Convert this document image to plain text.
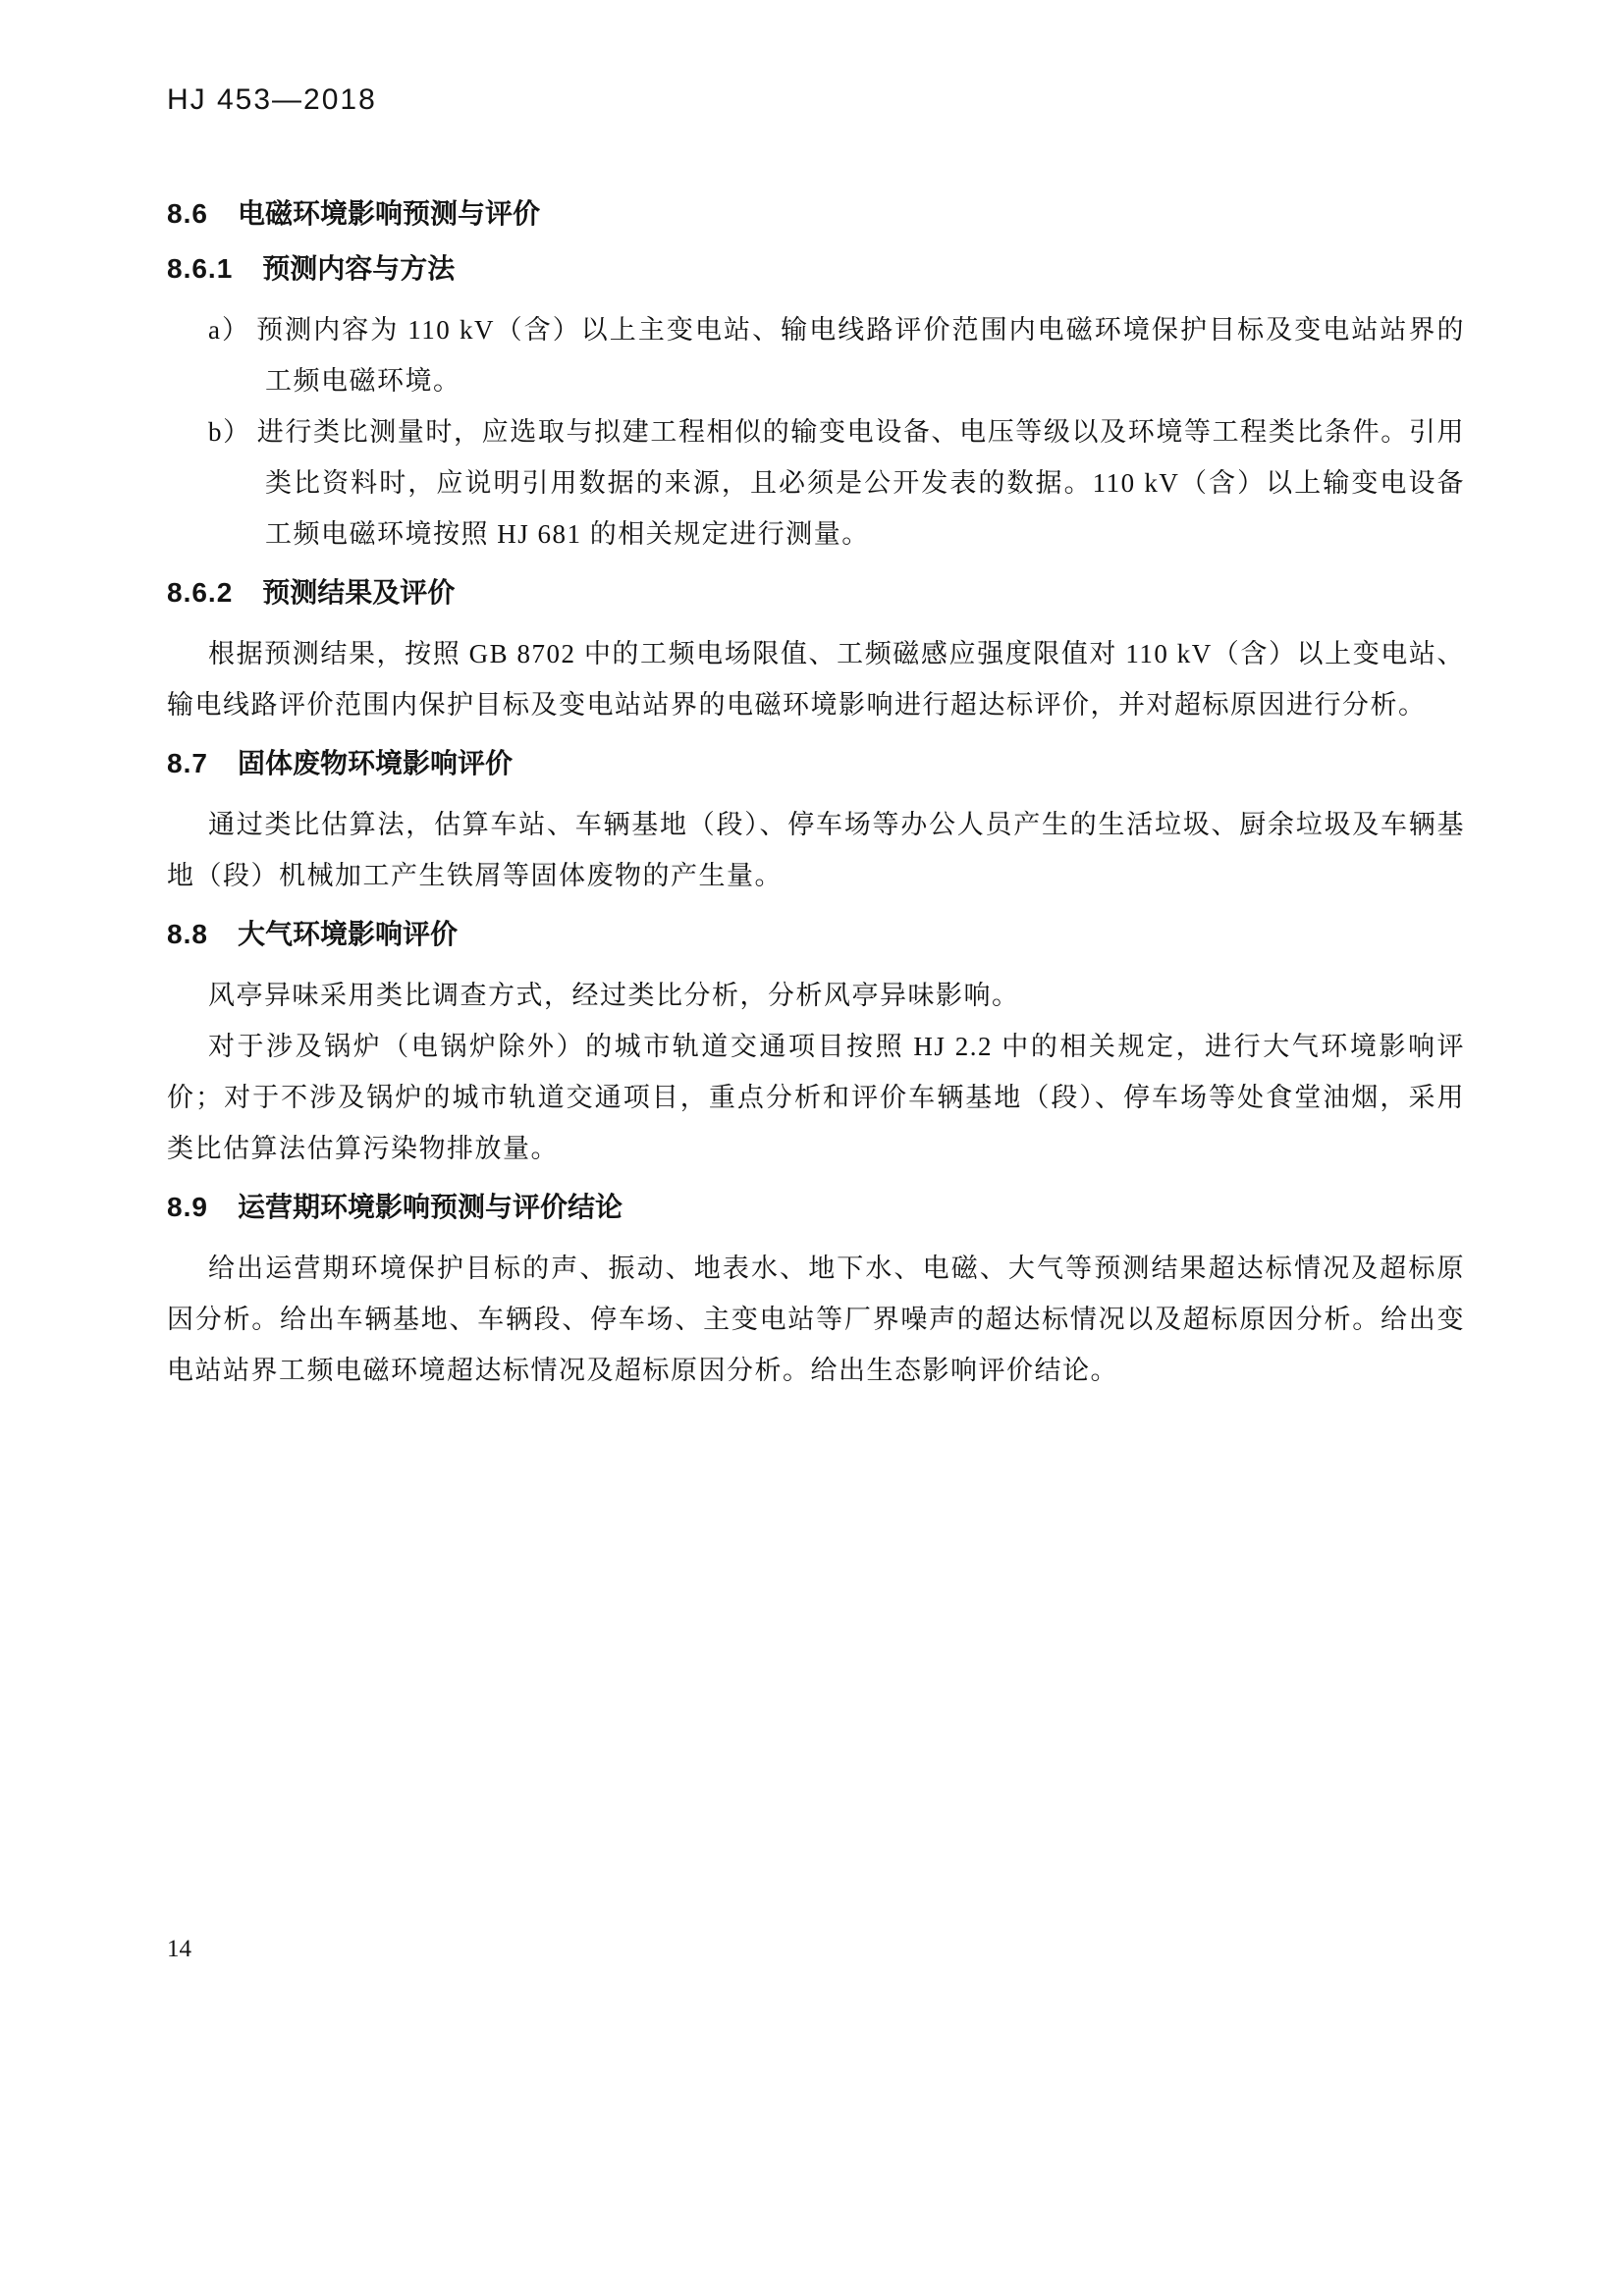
HJ 453—2018
8.6 电磁环境影响预测与评价
8.6.1 预测内容与方法
a） 预测内容为 110 kV（含）以上主变电站、输电线路评价范围内电磁环境保护目标及变电站站界的工频电磁环境。
b） 进行类比测量时，应选取与拟建工程相似的输变电设备、电压等级以及环境等工程类比条件。引用类比资料时，应说明引用数据的来源，且必须是公开发表的数据。110 kV（含）以上输变电设备工频电磁环境按照 HJ 681 的相关规定进行测量。
8.6.2 预测结果及评价

根据预测结果，按照 GB 8702 中的工频电场限值、工频磁感应强度限值对 110 kV（含）以上变电站、输电线路评价范围内保护目标及变电站站界的电磁环境影响进行超达标评价，并对超标原因进行分析。

8.7 固体废物环境影响评价

通过类比估算法，估算车站、车辆基地（段）、停车场等办公人员产生的生活垃圾、厨余垃圾及车辆基地（段）机械加工产生铁屑等固体废物的产生量。

8.8 大气环境影响评价

风亭异味采用类比调查方式，经过类比分析，分析风亭异味影响。

对于涉及锅炉（电锅炉除外）的城市轨道交通项目按照 HJ 2.2 中的相关规定，进行大气环境影响评价；对于不涉及锅炉的城市轨道交通项目，重点分析和评价车辆基地（段）、停车场等处食堂油烟，采用类比估算法估算污染物排放量。

8.9 运营期环境影响预测与评价结论

给出运营期环境保护目标的声、振动、地表水、地下水、电磁、大气等预测结果超达标情况及超标原因分析。给出车辆基地、车辆段、停车场、主变电站等厂界噪声的超达标情况以及超标原因分析。给出变电站站界工频电磁环境超达标情况及超标原因分析。给出生态影响评价结论。

14
